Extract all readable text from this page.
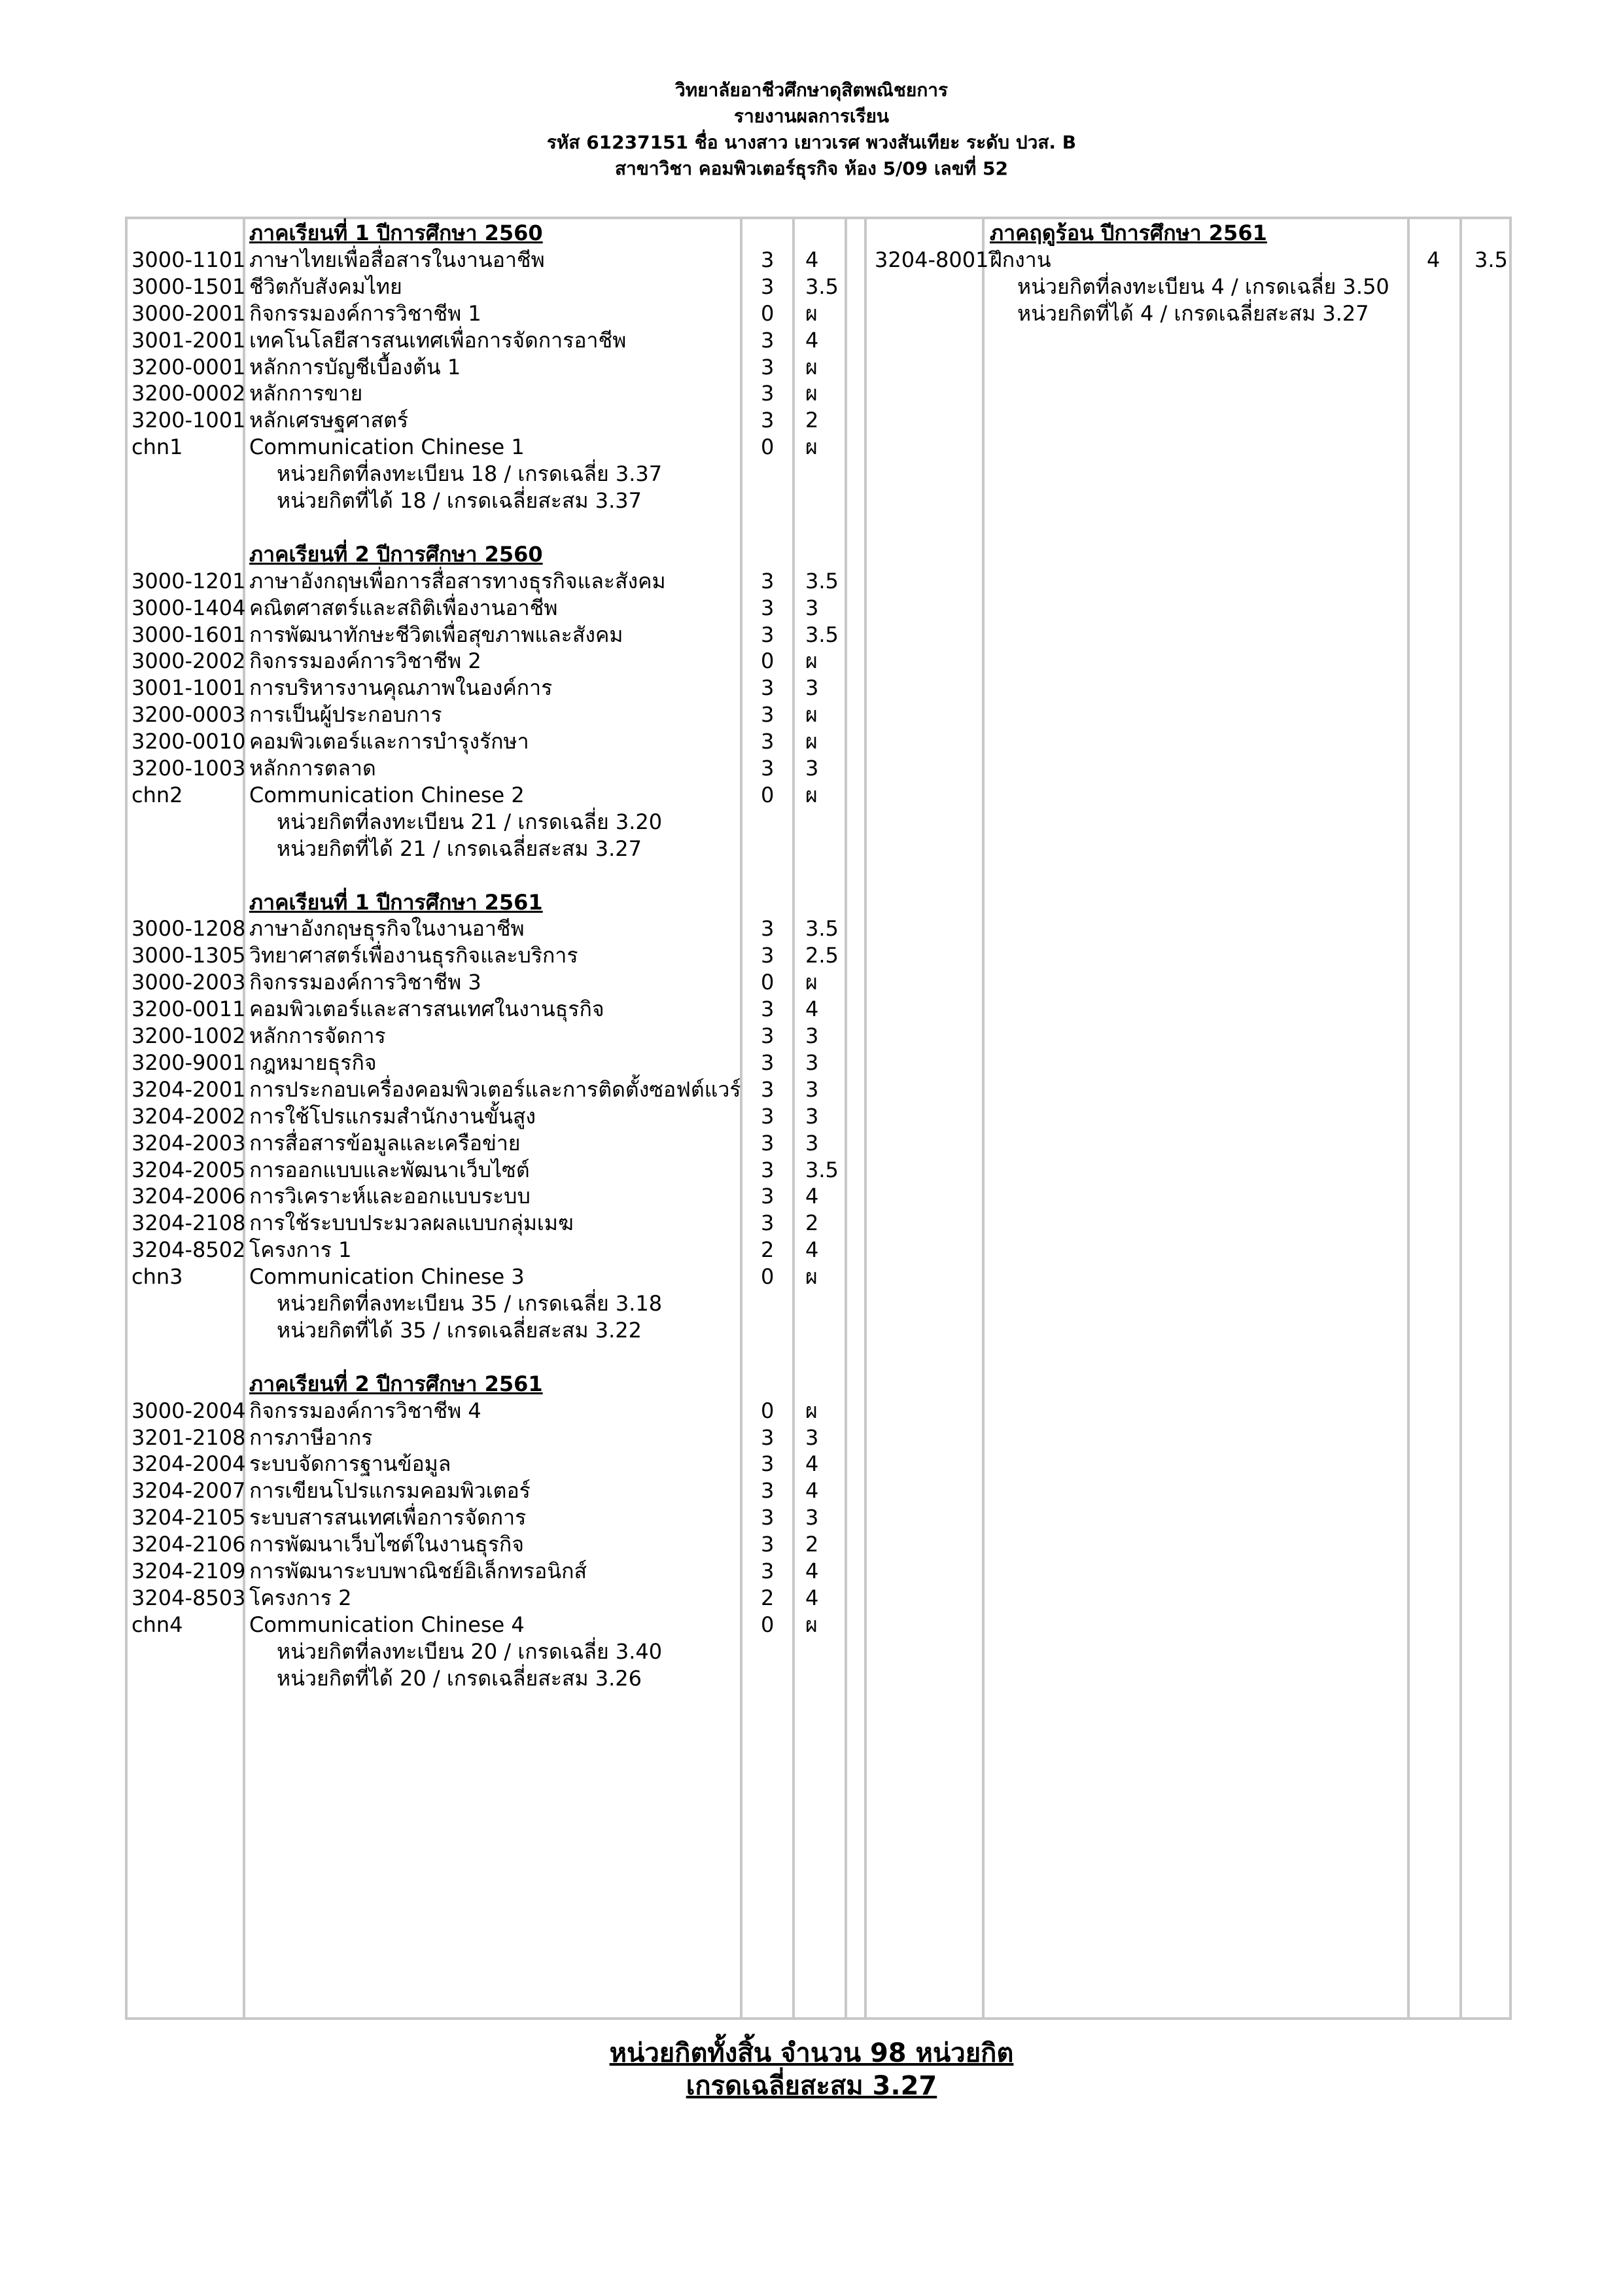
วิทยาลัยอาชีวศึกษาดุสิตพณิชยการ
รายงานผลการเรียน
รหัส 61237151 ชื่อ นางสาว เยาวเรศ พวงสันเทียะ ระดับ ปวส. B
สาขาวิชา คอมพิวเตอร์ธุรกิจ ห้อง 5/09 เลขที่ 52
ภาคเรียนที่ 1 ปีการศึกษา 2560
3000-1101 ภาษาไทยเพื่อสื่อสารในงานอาชีพ	3 4
3000-1501 ชีวิตกับสังคมไทย	3 3.5
3000-2001 กิจกรรมองค์การวิชาชีพ 1	0 ผ
3001-2001 เทคโนโลยีสารสนเทศเพื่อการจัดการอาชีพ	3 4
3200-0001 หลักการบัญชีเบื้องต้น 1	3 ผ
3200-0002 หลักการขาย	3 ผ
3200-1001 หลักเศรษฐศาสตร์	3 2
chn1	Communication Chinese 1	0 ผ
หน่วยกิตที่ลงทะเบียน 18 / เกรดเฉลี่ย 3.37
หน่วยกิตที่ได้ 18 / เกรดเฉลี่ยสะสม 3.37
ภาคเรียนที่ 2 ปีการศึกษา 2560
3000-1201 ภาษาอังกฤษเพื่อการสื่อสารทางธุรกิจและสังคม	3 3.5
3000-1404 คณิตศาสตร์และสถิติเพื่องานอาชีพ	3 3
3000-1601 การพัฒนาทักษะชีวิตเพื่อสุขภาพและสังคม	3 3.5
3000-2002 กิจกรรมองค์การวิชาชีพ 2	0 ผ
3001-1001 การบริหารงานคุณภาพในองค์การ	3 3
3200-0003 การเป็นผู้ประกอบการ	3 ผ
3200-0010 คอมพิวเตอร์และการบำรุงรักษา	3 ผ
3200-1003 หลักการตลาด	3 3
chn2	Communication Chinese 2	0 ผ
หน่วยกิตที่ลงทะเบียน 21 / เกรดเฉลี่ย 3.20
หน่วยกิตที่ได้ 21 / เกรดเฉลี่ยสะสม 3.27
ภาคเรียนที่ 1 ปีการศึกษา 2561
3000-1208 ภาษาอังกฤษธุรกิจในงานอาชีพ	3 3.5
3000-1305 วิทยาศาสตร์เพื่องานธุรกิจและบริการ	3 2.5
3000-2003 กิจกรรมองค์การวิชาชีพ 3	0 ผ
3200-0011 คอมพิวเตอร์และสารสนเทศในงานธุรกิจ	3 4
3200-1002 หลักการจัดการ	3 3
3200-9001 กฎหมายธุรกิจ	3 3
3204-2001 การประกอบเครื่องคอมพิวเตอร์และการติดตั้งซอฟต์แวร์ 3 3
3204-2002 การใช้โปรแกรมสำนักงานขั้นสูง	3 3
3204-2003 การสื่อสารข้อมูลและเครือข่าย	3 3
3204-2005 การออกแบบและพัฒนาเว็บไซต์	3 3.5
3204-2006 การวิเคราะห์และออกแบบระบบ	3 4
3204-2108 การใช้ระบบประมวลผลแบบกลุ่มเมฆ	3 2
3204-8502 โครงการ 1	2 4
chn3	Communication Chinese 3	0 ผ
หน่วยกิตที่ลงทะเบียน 35 / เกรดเฉลี่ย 3.18
หน่วยกิตที่ได้ 35 / เกรดเฉลี่ยสะสม 3.22
ภาคเรียนที่ 2 ปีการศึกษา 2561
3000-2004 กิจกรรมองค์การวิชาชีพ 4	0 ผ
3201-2108 การภาษีอากร	3 3
3204-2004 ระบบจัดการฐานข้อมูล	3 4
3204-2007 การเขียนโปรแกรมคอมพิวเตอร์	3 4
3204-2105 ระบบสารสนเทศเพื่อการจัดการ	3 3
3204-2106 การพัฒนาเว็บไซต์ในงานธุรกิจ	3 2
3204-2109 การพัฒนาระบบพาณิชย์อิเล็กทรอนิกส์	3 4
3204-8503 โครงการ 2	2 4
chn4	Communication Chinese 4	0 ผ
หน่วยกิตที่ลงทะเบียน 20 / เกรดเฉลี่ย 3.40
หน่วยกิตที่ได้ 20 / เกรดเฉลี่ยสะสม 3.26
ภาคฤดูร้อน ปีการศึกษา 2561
3204-8001 ฝึกงาน	4 3.5
หน่วยกิตที่ลงทะเบียน 4 / เกรดเฉลี่ย 3.50
หน่วยกิตที่ได้ 4 / เกรดเฉลี่ยสะสม 3.27
หน่วยกิตทั้งสิ้น จำนวน 98 หน่วยกิต
เกรดเฉลี่ยสะสม 3.27
